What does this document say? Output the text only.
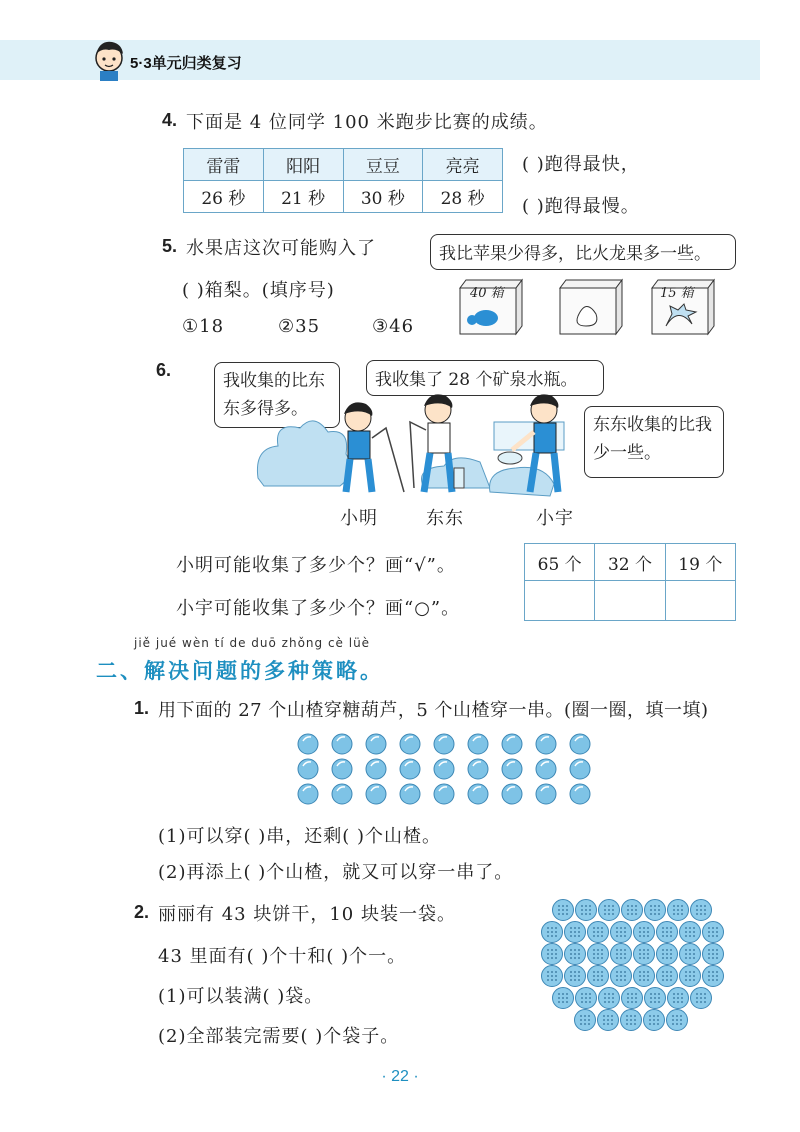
5·3单元归类复习
4. 下面是 4 位同学 100 米跑步比赛的成绩。
雷雷	阳阳	豆豆	亮亮
26 秒	21 秒	30 秒	28 秒
( )跑得最快，
( )跑得最慢。
5. 水果店这次可能购入了
( )箱梨。(填序号)
①18	②35	③46
我比苹果少得多，比火龙果多一些。
40 箱	15 箱
6.
我收集的比东东多得多。
我收集了 28 个矿泉水瓶。
东东收集的比我少一些。
小明	东东	小宇
小明可能收集了多少个？画“√”。
小宇可能收集了多少个？画“○”。
65 个	32 个	19 个

jiě jué wèn tí de duō zhǒng cè lüè
二、解决问题的多种策略。
1. 用下面的 27 个山楂穿糖葫芦，5 个山楂穿一串。(圈一圈，填一填)
(1)可以穿( )串，还剩( )个山楂。
(2)再添上( )个山楂，就又可以穿一串了。
2. 丽丽有 43 块饼干，10 块装一袋。
43 里面有( )个十和( )个一。
(1)可以装满( )袋。
(2)全部装完需要( )个袋子。
· 22 ·
